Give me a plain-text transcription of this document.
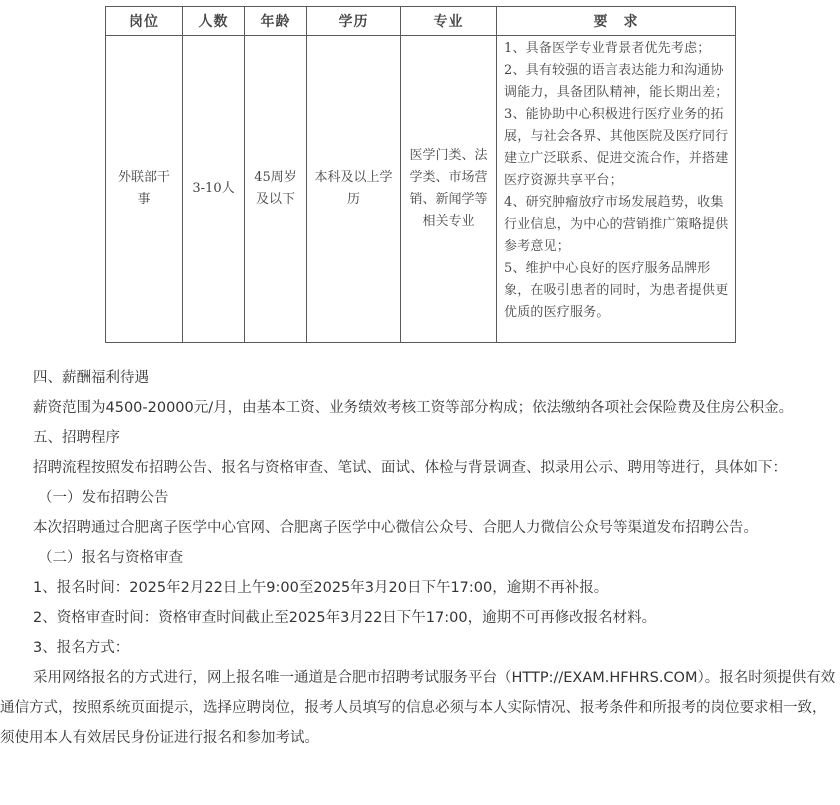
岗位	人数	年龄	学历	专业	要　求

外联部干事	3-10人	45周岁及以下	本科及以上学历	医学门类、法学类、市场营销、新闻学等相关专业	1、具备医学专业背景者优先考虑；
2、具有较强的语言表达能力和沟通协调能力，具备团队精神，能长期出差；
3、能协助中心积极进行医疗业务的拓展，与社会各界、其他医院及医疗同行建立广泛联系、促进交流合作，并搭建医疗资源共享平台；
4、研究肿瘤放疗市场发展趋势，收集行业信息，为中心的营销推广策略提供参考意见；
5、维护中心良好的医疗服务品牌形象，在吸引患者的同时，为患者提供更优质的医疗服务。

四、薪酬福利待遇

薪资范围为4500-20000元/月，由基本工资、业务绩效考核工资等部分构成；依法缴纳各项社会保险费及住房公积金。

五、招聘程序

招聘流程按照发布招聘公告、报名与资格审查、笔试、面试、体检与背景调查、拟录用公示、聘用等进行，具体如下：

（一）发布招聘公告

本次招聘通过合肥离子医学中心官网、合肥离子医学中心微信公众号、合肥人力微信公众号等渠道发布招聘公告。

（二）报名与资格审查

1、报名时间：2025年2月22日上午9:00至2025年3月20日下午17:00，逾期不再补报。

2、资格审查时间：资格审查时间截止至2025年3月22日下午17:00，逾期不可再修改报名材料。

3、报名方式：

采用网络报名的方式进行，网上报名唯一通道是合肥市招聘考试服务平台（HTTP://EXAM.HFHRS.COM）。报名时须提供有效通信方式，按照系统页面提示，选择应聘岗位，报考人员填写的信息必须与本人实际情况、报考条件和所报考的岗位要求相一致，须使用本人有效居民身份证进行报名和参加考试。
